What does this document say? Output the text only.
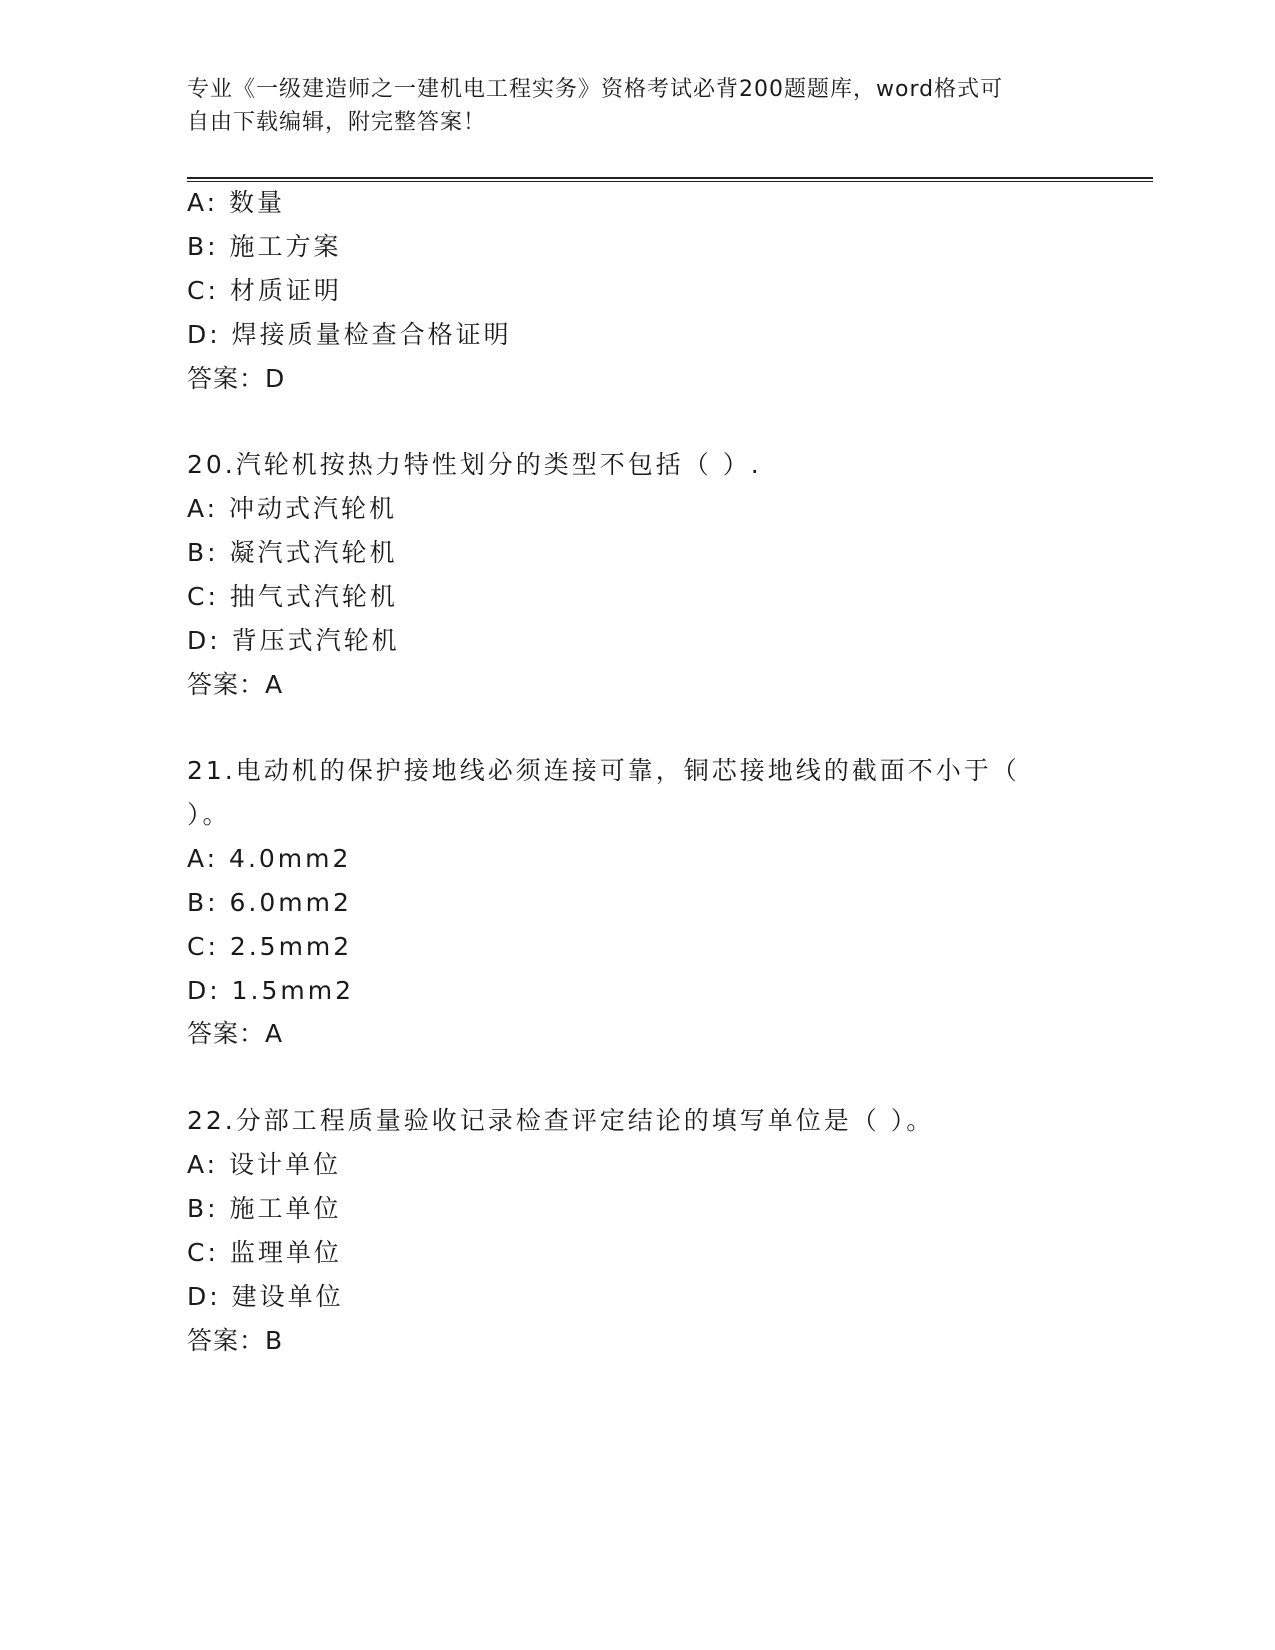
专业《一级建造师之一建机电工程实务》资格考试必背200题题库，word格式可
自由下载编辑，附完整答案！
A: 数量
B: 施工方案
C: 材质证明
D: 焊接质量检查合格证明
答案：D
20.汽轮机按热力特性划分的类型不包括（ ）.
A: 冲动式汽轮机
B: 凝汽式汽轮机
C: 抽气式汽轮机
D: 背压式汽轮机
答案：A
21.电动机的保护接地线必须连接可靠，铜芯接地线的截面不小于（
）。
A: 4.0mm2
B: 6.0mm2
C: 2.5mm2
D: 1.5mm2
答案：A
22.分部工程质量验收记录检查评定结论的填写单位是（ ）。
A: 设计单位
B: 施工单位
C: 监理单位
D: 建设单位
答案：B
